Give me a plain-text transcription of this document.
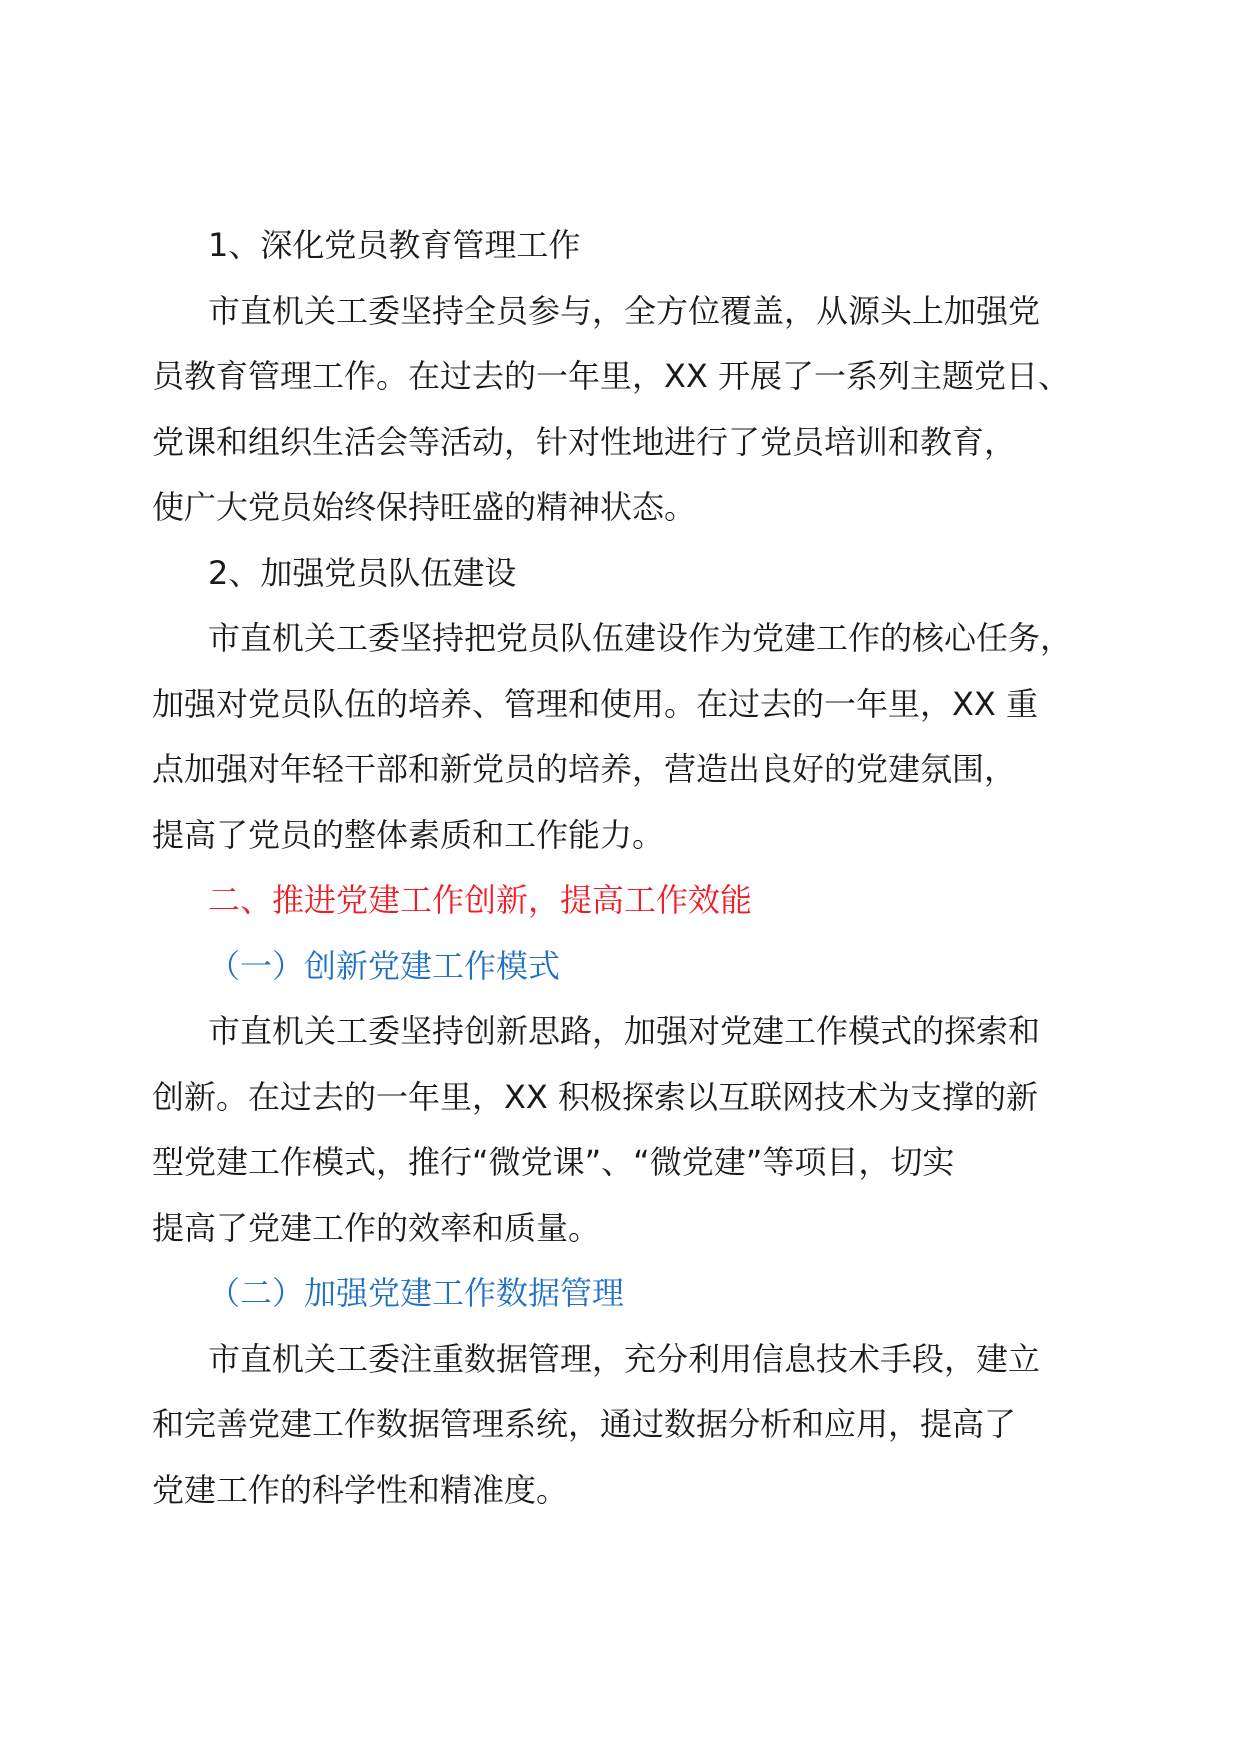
1、深化党员教育管理工作
市直机关工委坚持全员参与，全方位覆盖，从源头上加强党
员教育管理工作。在过去的一年里，XX 开展了一系列主题党日、
党课和组织生活会等活动，针对性地进行了党员培训和教育，
使广大党员始终保持旺盛的精神状态。
2、加强党员队伍建设
市直机关工委坚持把党员队伍建设作为党建工作的核心任务，
加强对党员队伍的培养、管理和使用。在过去的一年里，XX 重
点加强对年轻干部和新党员的培养，营造出良好的党建氛围，
提高了党员的整体素质和工作能力。
二、推进党建工作创新，提高工作效能
（一）创新党建工作模式
市直机关工委坚持创新思路，加强对党建工作模式的探索和
创新。在过去的一年里，XX 积极探索以互联网技术为支撑的新
型党建工作模式，推行“微党课”、“微党建”等项目，切实
提高了党建工作的效率和质量。
（二）加强党建工作数据管理
市直机关工委注重数据管理，充分利用信息技术手段，建立
和完善党建工作数据管理系统，通过数据分析和应用，提高了
党建工作的科学性和精准度。
